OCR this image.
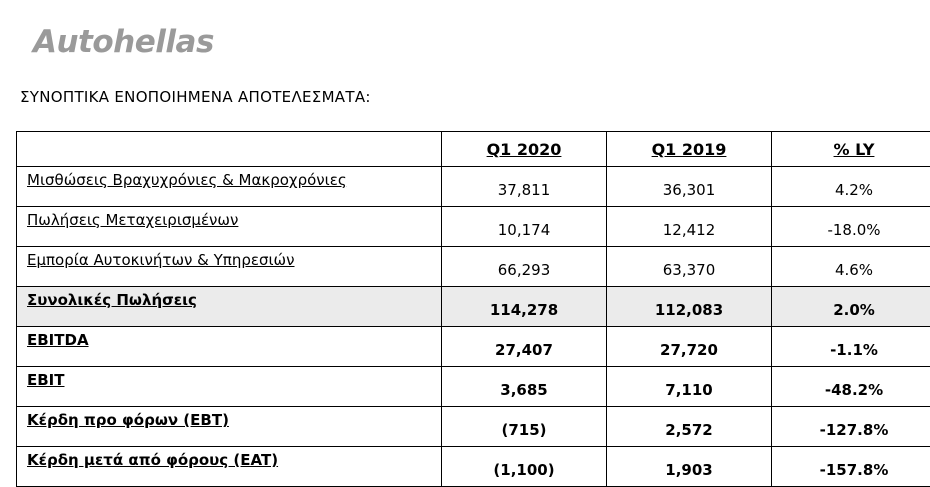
Autohellas
ΣΥΝΟΠΤΙΚΑ ΕΝΟΠΟΙΗΜΕΝΑ ΑΠΟΤΕΛΕΣΜΑΤΑ:
	Q1 2020	Q1 2019	% LY
Μισθώσεις Βραχυχρόνιες & Μακροχρόνιες	37,811	36,301	4.2%
Πωλήσεις Μεταχειρισμένων	10,174	12,412	-18.0%
Εμπορία Αυτοκινήτων & Υπηρεσιών	66,293	63,370	4.6%
Συνολικές Πωλήσεις	114,278	112,083	2.0%
EBITDA	27,407	27,720	-1.1%
EBIT	3,685	7,110	-48.2%
Κέρδη προ φόρων (EBT)	(715)	2,572	-127.8%
Κέρδη μετά από φόρους (EAT)	(1,100)	1,903	-157.8%
